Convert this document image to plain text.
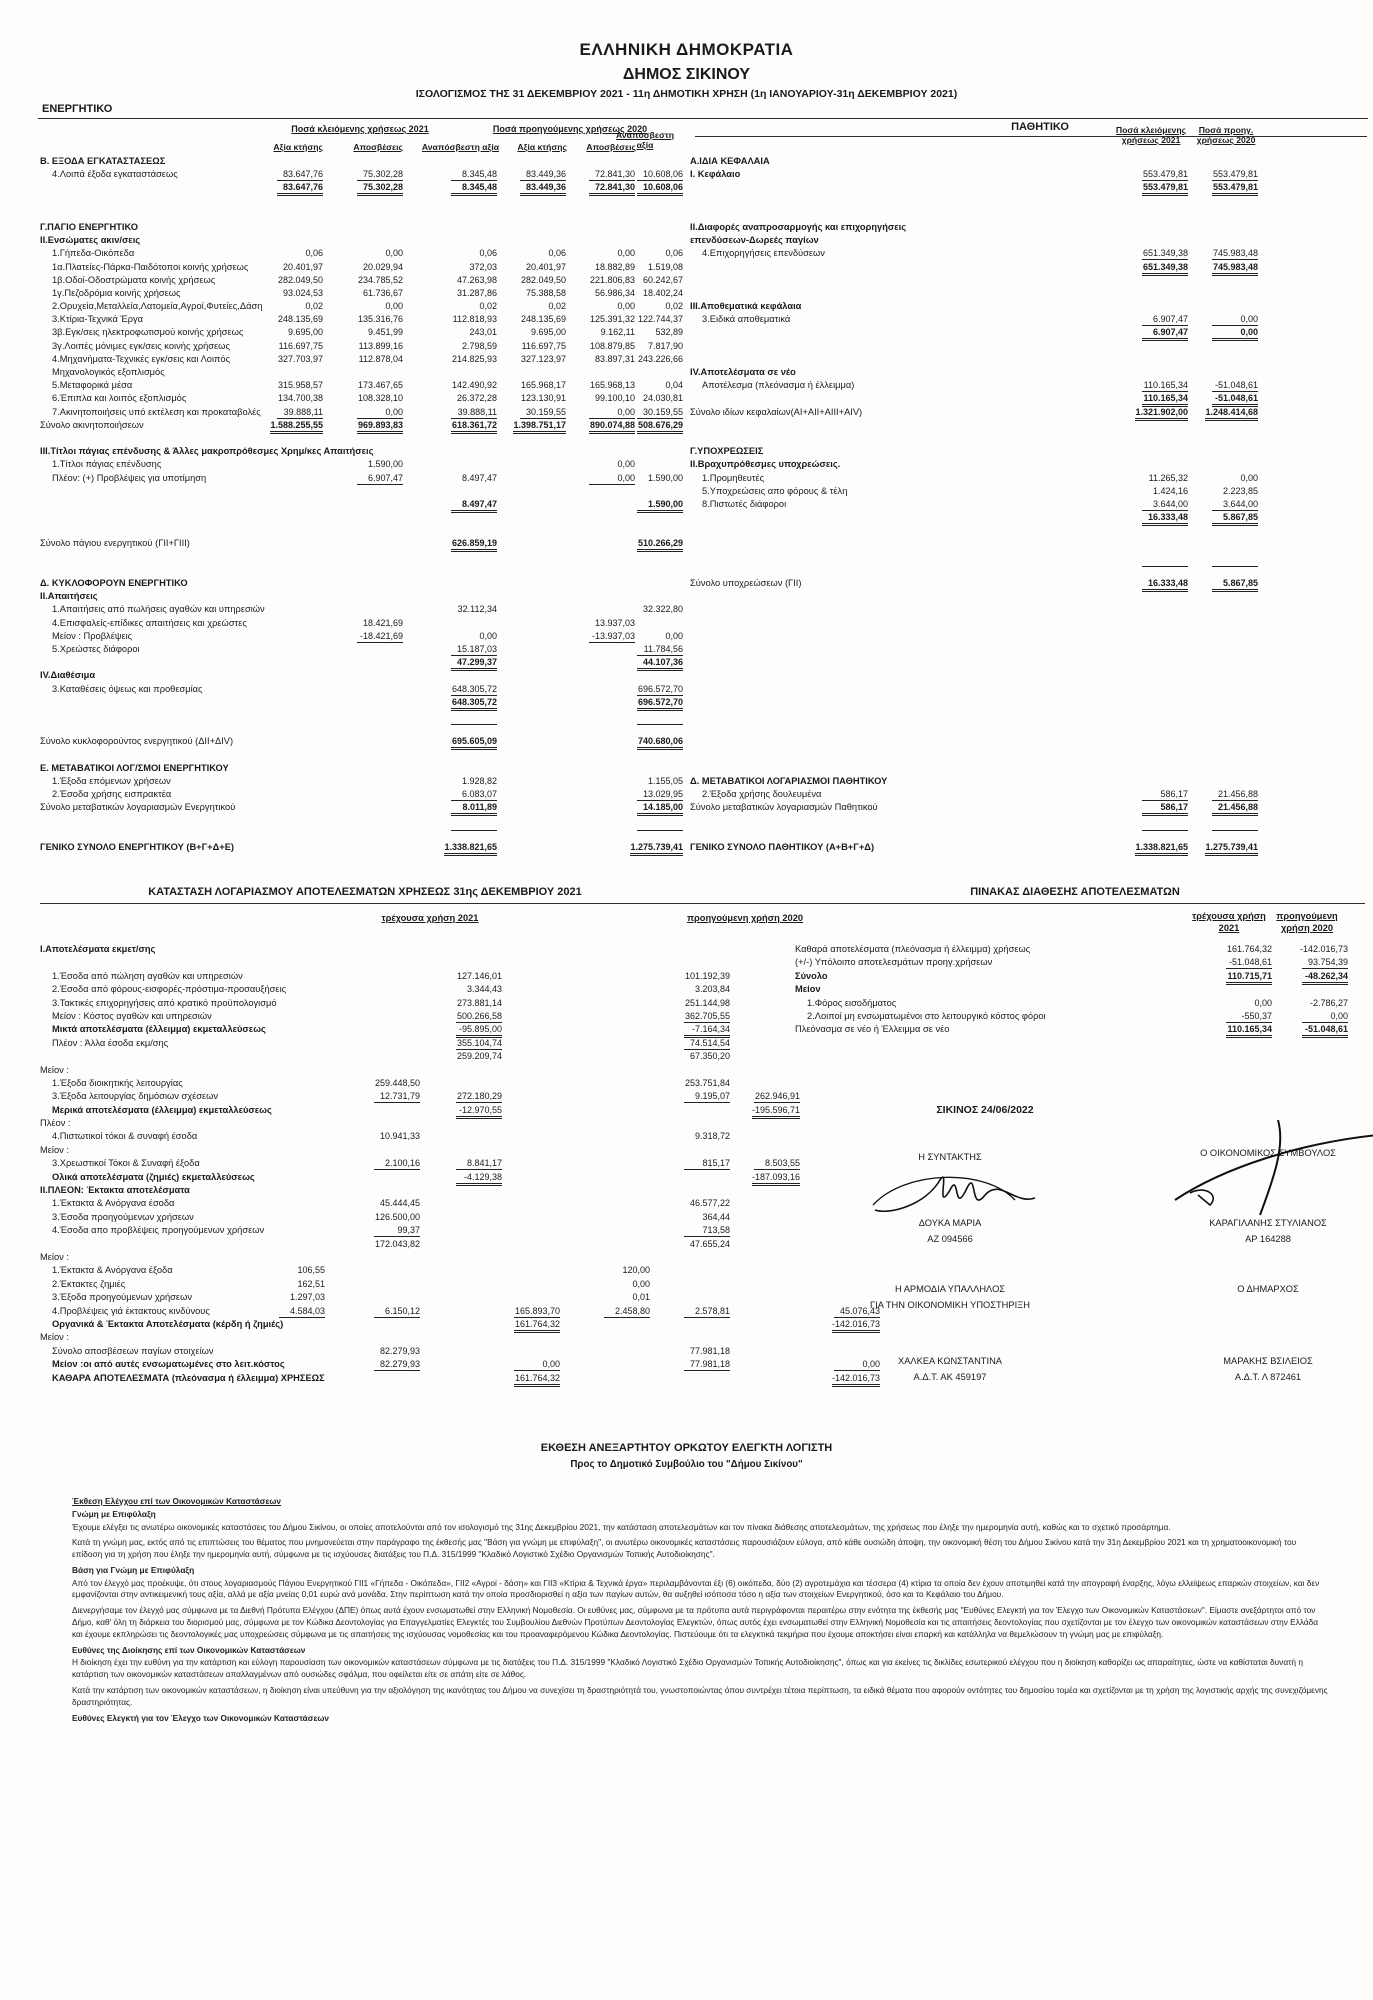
ΕΛΛΗΝΙΚΗ ΔΗΜΟΚΡΑΤΙΑ
ΔΗΜΟΣ ΣΙΚΙΝΟΥ
ΙΣΟΛΟΓΙΣΜΟΣ ΤΗΣ 31 ΔΕΚΕΜΒΡΙΟΥ 2021 - 11η ΔΗΜΟΤΙΚΗ ΧΡΗΣΗ (1η ΙΑΝΟΥΑΡΙΟΥ-31η ΔΕΚΕΜΒΡΙΟΥ 2021)
ΕΝΕΡΓΗΤΙΚΟ
ΠΑΘΗΤΙΚΟ
Ποσά κλειόμενης χρήσεως 2021	Ποσά προηγούμενης χρήσεως 2020
Αξία κτήσης	Αποσβέσεις	Αναπόσβεστη αξία	Αξία κτήσης	Αποσβέσεις
Αναπόσβεστη αξία
Ποσά κλειόμενης χρήσεως 2021
Ποσά προηγ. χρήσεως 2020
Β. ΕΞΟΔΑ ΕΓΚΑΤΑΣΤΑΣΕΩΣ
4.Λοιπά έξοδα εγκαταστάσεως	83.647,76	75.302,28	8.345,48	83.449,36	72.841,30 10.608,06
83.647,76	75.302,28	8.345,48	83.449,36	72.841,30 10.608,06
Γ.ΠΑΓΙΟ ΕΝΕΡΓΗΤΙΚΟ
ΙΙ.Ενσώματες ακιν/σεις
1.Γήπεδα-Οικόπεδα	0,06	0,00	0,06	0,06	0,00	0,06
1α.Πλατείες-Πάρκα-Παιδότοποι κοινής χρήσεως	20.401,97	20.029,94	372,03	20.401,97	18.882,89	1.519,08
1β.Οδοί-Οδοστρώματα κοινής χρήσεως	282.049,50	234.785,52	47.263,98	282.049,50	221.806,83 60.242,67
1γ.Πεζοδρόμια κοινής χρήσεως	93.024,53	61.736,67	31.287,86	75.388,58	56.986,34 18.402,24
2.Ορυχεία,Μεταλλεία,Λατομεία,Αγροί,Φυτείες,Δάση	0,02	0,00	0,02	0,02	0,00	0,02
3.Κτίρια-Τεχνικά Έργα	248.135,69	135.316,76	112.818,93	248.135,69	125.391,32 122.744,37
3β.Εγκ/σεις ηλεκτροφωτισμού κοινής χρήσεως	9.695,00	9.451,99	243,01	9.695,00	9.162,11	532,89
3γ.Λοιπές μόνιμες εγκ/σεις κοινής χρήσεως	116.697,75	113.899,16	2.798,59	116.697,75	108.879,85	7.817,90
4.Μηχανήματα-Τεχνικές εγκ/σεις και Λοιπός	327.703,97	112.878,04	214.825,93	327.123,97	83.897,31 243.226,66
Μηχανολογικός εξοπλισμός
5.Μεταφορικά μέσα	315.958,57	173.467,65	142.490,92	165.968,17	165.968,13	0,04
6.Έπιπλα και λοιπός εξοπλισμός	134.700,38	108.328,10	26.372,28	123.130,91	99.100,10 24.030,81
7.Ακινητοποιήσεις υπό εκτέλεση και προκαταβολές	39.888,11	0,00	39.888,11	30.159,55	0,00 30.159,55
Σύνολο ακινητοποιήσεων	1.588.255,55	969.893,83	618.361,72 1.398.751,17	890.074,88 508.676,29
ΙΙΙ.Τίτλοι πάγιας επένδυσης & Άλλες μακροπρόθεσμες Χρημ/κες Απαιτήσεις
1.Τίτλοι πάγιας επένδυσης	1.590,00	0,00
Πλέον: (+) Προβλέψεις για υποτίμηση	6.907,47	8.497,47	0,00	1.590,00
8.497,47	1.590,00
Σύνολο πάγιου ενεργητικού (ΓΙΙ+ΓΙΙΙ)	626.859,19	510.266,29
Δ. ΚΥΚΛΟΦΟΡΟΥΝ ΕΝΕΡΓΗΤΙΚΟ
ΙΙ.Απαιτήσεις
1.Απαιτήσεις από πωλήσεις αγαθών και υπηρεσιών	32.112,34	32.322,80
4.Επισφαλείς-επίδικες απαιτήσεις και χρεώστες	18.421,69	13.937,03
Μείον : Προβλέψεις	-18.421,69	0,00	-13.937,03	0,00
5.Χρεώστες διάφοροι	15.187,03	11.784,56
47.299,37	44.107,36
IV.Διαθέσιμα
3.Καταθέσεις όψεως και προθεσμίας	648.305,72	696.572,70
648.305,72	696.572,70
Σύνολο κυκλοφορούντος ενεργητικού (ΔΙΙ+ΔΙV)	695.605,09	740.680,06
Ε. ΜΕΤΑΒΑΤΙΚΟΙ ΛΟΓ/ΣΜΟΙ ΕΝΕΡΓΗΤΙΚΟΥ
1.Έξοδα επόμενων χρήσεων	1.928,82	1.155,05
2.Έσοδα χρήσης εισπρακτέα	6.083,07	13.029,95
Σύνολο μεταβατικών λογαριασμών Ενεργητικού	8.011,89	14.185,00
ΓΕΝΙΚΟ ΣΥΝΟΛΟ ΕΝΕΡΓΗΤΙΚΟΥ (Β+Γ+Δ+Ε)	1.338.821,65	1.275.739,41
Α.ΙΔΙΑ ΚΕΦΑΛΑΙΑ
Ι. Κεφάλαιο	553.479,81	553.479,81
553.479,81	553.479,81
ΙΙ.Διαφορές αναπροσαρμογής και επιχορηγήσεις
επενδύσεων-Δωρεές παγίων
4.Επιχορηγήσεις επενδύσεων	651.349,38	745.983,48
651.349,38	745.983,48
ΙΙΙ.Αποθεματικά κεφάλαια
3.Ειδικά αποθεματικά	6.907,47	0,00
6.907,47	0,00
IV.Αποτελέσματα σε νέο
Αποτέλεσμα (πλεόνασμα ή έλλειμμα)	110.165,34	-51.048,61
110.165,34	-51.048,61
Σύνολο ιδίων κεφαλαίων(ΑΙ+ΑΙΙ+ΑΙΙΙ+ΑΙV)	1.321.902,00 1.248.414,68
Γ.ΥΠΟΧΡΕΩΣΕΙΣ
ΙΙ.Βραχυπρόθεσμες υποχρεώσεις.
1.Προμηθευτές	11.265,32	0,00
5.Υποχρεώσεις απο φόρους & τέλη	1.424,16	2.223,85
8.Πιστωτές διάφοροι	3.644,00	3.644,00
16.333,48	5.867,85
Σύνολο υποχρεώσεων (ΓΙΙ)	16.333,48	5.867,85
Δ. ΜΕΤΑΒΑΤΙΚΟΙ ΛΟΓΑΡΙΑΣΜΟΙ ΠΑΘΗΤΙΚΟΥ
2.Έξοδα χρήσης δουλευμένα	586,17	21.456,88
Σύνολο μεταβατικών λογαριασμών Παθητικού	586,17	21.456,88
ΓΕΝΙΚΟ ΣΥΝΟΛΟ ΠΑΘΗΤΙΚΟΥ (Α+Β+Γ+Δ)	1.338.821,65 1.275.739,41
ΚΑΤΑΣΤΑΣΗ ΛΟΓΑΡΙΑΣΜΟΥ ΑΠΟΤΕΛΕΣΜΑΤΩΝ ΧΡΗΣΕΩΣ 31ης ΔΕΚΕΜΒΡΙΟΥ 2021	ΠΙΝΑΚΑΣ ΔΙΑΘΕΣΗΣ ΑΠΟΤΕΛΕΣΜΑΤΩΝ
τρέχουσα χρήση 2021	προηγούμενη χρήση 2020	τρέχουσα χρήση 2021
προηγούμενη χρήση 2020
Ι.Αποτελέσματα εκμετ/σης
1.Έσοδα από πώληση αγαθών και υπηρεσιών	127.146,01	101.192,39
2.Έσοδα από φόρους-εισφορές-πρόστιμα-προσαυξήσεις	3.344,43	3.203,84
3.Τακτικές επιχορηγήσεις από κρατικό προϋπολογισμό	273.881,14	251.144,98
Μείον : Κόστος αγαθών και υπηρεσιών	500.266,58	362.705,55
Μικτά αποτελέσματα (έλλειμμα) εκμεταλλεύσεως	-95.895,00	-7.164,34
Πλέον : Άλλα έσοδα εκμ/σης	355.104,74	74.514,54
259.209,74	67.350,20
Μείον :
1.Έξοδα διοικητικής λειτουργίας	259.448,50	253.751,84
3.Έξοδα λειτουργίας δημόσιων σχέσεων	12.731,79	272.180,29	9.195,07	262.946,91
Μερικά αποτελέσματα (έλλειμμα) εκμεταλλεύσεως	-12.970,55	-195.596,71
Πλέον :
4.Πιστωτικοί τόκοι & συναφή έσοδα	10.941,33	9.318,72
Μείον :
3.Χρεωστικοί Τόκοι & Συναφή έξοδα	2.100,16	8.841,17	815,17	8.503,55
Ολικά αποτελέσματα (ζημιές) εκμεταλλεύσεως	-4.129,38	-187.093,16
ΙΙ.ΠΛΕΟΝ: Έκτακτα αποτελέσματα
1.Έκτακτα & Ανόργανα έσοδα	45.444,45	46.577,22
3.Έσοδα προηγούμενων χρήσεων	126.500,00	364,44
4.Έσοδα απο προβλέψεις προηγούμενων χρήσεων	99,37	713,58
172.043,82	47.655,24
Μείον :
1.Έκτακτα & Ανόργανα έξοδα	106,55	120,00
2.Έκτακτες ζημιές	162,51	0,00
3.Έξοδα προηγούμενων χρήσεων	1.297,03	0,01
4.Προβλέψεις γιά έκτακτους κινδύνους	4.584,03	6.150,12	165.893,70	2.458,80	2.578,81	45.076,43
Οργανικά & Έκτακτα Αποτελέσματα (κέρδη ή ζημιές)	161.764,32	-142.016,73
Μείον :
Σύνολο αποσβέσεων παγίων στοιχείων	82.279,93	77.981,18
Μείον :οι από αυτές ενσωματωμένες στο λειτ.κόστος	82.279,93	0,00	77.981,18	0,00
ΚΑΘΑΡΑ ΑΠΟΤΕΛΕΣΜΑΤΑ (πλεόνασμα ή έλλειμμα) ΧΡΗΣΕΩΣ	161.764,32	-142.016,73
Καθαρά αποτελέσματα (πλεόνασμα ή έλλειμμα) χρήσεως	161.764,32	-142.016,73
(+/-) Υπόλοιπο αποτελεσμάτων προηγ.χρήσεων	-51.048,61	93.754,39
Σύνολο	110.715,71	-48.262,34
Μείον
1.Φόρος εισοδήματος	0,00	-2.786,27
2.Λοιποί μη ενσωματωμένοι στο λειτουργικό κόστος φόροι	-550,37	0,00
Πλεόνασμα σε νέο ή Έλλειμμα σε νέο	110.165,34	-51.048,61
ΣΙΚΙΝΟΣ 24/06/2022
Η ΣΥΝΤΑΚΤΗΣ	Ο ΟΙΚΟΝΟΜΙΚΟΣ ΣΥΜΒΟΥΛΟΣ
ΔΟΥΚΑ ΜΑΡΙΑ
ΑΖ 094566
ΚΑΡΑΓΙΛΑΝΗΣ ΣΤΥΛΙΑΝΟΣ
ΑΡ 164288
Η ΑΡΜΟΔΙΑ ΥΠΑΛΛΗΛΟΣ
ΓΙΑ ΤΗΝ ΟΙΚΟΝΟΜΙΚΗ ΥΠΟΣΤΗΡΙΞΗ
Ο ΔΗΜΑΡΧΟΣ
ΧΑΛΚΕΑ ΚΩΝΣΤΑΝΤΙΝΑ
Α.Δ.Τ. ΑΚ 459197
ΜΑΡΑΚΗΣ ΒΣΙΛΕΙΟΣ
Α.Δ.Τ. Λ 872461
ΕΚΘΕΣΗ ΑΝΕΞΑΡΤΗΤΟΥ ΟΡΚΩΤΟΥ ΕΛΕΓΚΤΗ ΛΟΓΙΣΤΗ
Προς το Δημοτικό Συμβούλιο του "Δήμου Σικίνου"
Έκθεση Ελέγχου επί των Οικονομικών Καταστάσεων
Γνώμη με Επιφύλαξη
Έχουμε ελέγξει τις ανωτέρω οικονομικές καταστάσεις του Δήμου Σικίνου, οι οποίες αποτελούνται από τον ισολογισμό της 31ης Δεκεμβρίου 2021, την κατάσταση αποτελεσμάτων και τον πίνακα διάθεσης αποτελεσμάτων, της χρήσεως που έληξε την ημερομηνία αυτή, καθώς και το σχετικό προσάρτημα.
Κατά τη γνώμη μας, εκτός από τις επιπτώσεις του θέματος που μνημονεύεται στην παράγραφο της έκθεσής μας "Βάση για γνώμη με επιφύλαξη", οι ανωτέρω οικονομικές καταστάσεις παρουσιάζουν εύλογα, από κάθε ουσιώδη άποψη, την οικονομική θέση του Δήμου Σικίνου κατά την 31η Δεκεμβρίου 2021 και τη χρηματοοικονομική του επίδοση για τη χρήση που έληξε την ημερομηνία αυτή, σύμφωνα με τις ισχύουσες διατάξεις του Π.Δ. 315/1999 "Κλαδικό Λογιστικό Σχέδιο Οργανισμών Τοπικής Αυτοδιοίκησης".
Βάση για Γνώμη με Επιφύλαξη
Από τον έλεγχό μας προέκυψε, ότι στους λογαριασμούς Πάγιου Ενεργητικού ΓΙΙ1 «Γήπεδα - Οικόπεδα», ΓΙΙ2 «Αγροί - δάση» και ΓΙΙ3 «Κτίρια & Τεχνικά έργα» περιλαμβάνονται έξι (6) οικόπεδα, δύο (2) αγροτεμάχια και τέσσερα (4) κτίρια τα οποία δεν έχουν αποτιμηθεί κατά την απογραφή έναρξης, λόγω ελλείψεως επαρκών στοιχείων, και δεν εμφανίζονται στην αντικειμενική τους αξία, αλλά με αξία μνείας 0,01 ευρώ ανά μονάδα. Στην περίπτωση κατά την οποία προσδιορισθεί η αξία των παγίων αυτών, θα αυξηθεί ισόποσα τόσο η αξία των στοιχείων Ενεργητικού, όσο και το Κεφάλαιο του Δήμου.
Διενεργήσαμε τον έλεγχό μας σύμφωνα με τα Διεθνή Πρότυπα Ελέγχου (ΔΠΕ) όπως αυτά έχουν ενσωματωθεί στην Ελληνική Νομοθεσία. Οι ευθύνες μας, σύμφωνα με τα πρότυπα αυτά περιγράφονται περαιτέρω στην ενότητα της έκθεσής μας "Ευθύνες Ελεγκτή για τον Έλεγχο των Οικονομικών Καταστάσεων". Είμαστε ανεξάρτητοι από τον Δήμο, καθ' όλη τη διάρκεια του διορισμού μας, σύμφωνα με τον Κώδικα Δεοντολογίας για Επαγγελματίες Ελεγκτές του Συμβουλίου Διεθνών Προτύπων Δεοντολογίας Ελεγκτών, όπως αυτός έχει ενσωματωθεί στην Ελληνική Νομοθεσία και τις απαιτήσεις δεοντολογίας που σχετίζονται με τον έλεγχο των οικονομικών καταστάσεων στην Ελλάδα και έχουμε εκπληρώσει τις δεοντολογικές μας υποχρεώσεις σύμφωνα με τις απαιτήσεις της ισχύουσας νομοθεσίας και του προαναφερόμενου Κώδικα Δεοντολογίας. Πιστεύουμε ότι τα ελεγκτικά τεκμήρια που έχουμε αποκτήσει είναι επαρκή και κατάλληλα να θεμελιώσουν τη γνώμη μας με επιφύλαξη.
Ευθύνες της Διοίκησης επί των Οικονομικών Καταστάσεων
Η διοίκηση έχει την ευθύνη για την κατάρτιση και εύλογη παρουσίαση των οικονομικών καταστάσεων σύμφωνα με τις διατάξεις του Π.Δ. 315/1999 "Κλαδικό Λογιστικό Σχέδιο Οργανισμών Τοπικής Αυτοδιοίκησης", όπως και για εκείνες τις δικλίδες εσωτερικού ελέγχου που η διοίκηση καθορίζει ως απαραίτητες, ώστε να καθίσταται δυνατή η κατάρτιση των οικονομικών καταστάσεων απαλλαγμένων από ουσιώδες σφάλμα, που οφείλεται είτε σε απάτη είτε σε λάθος.
Κατά την κατάρτιση των οικονομικών καταστάσεων, η διοίκηση είναι υπεύθυνη για την αξιολόγηση της ικανότητας του Δήμου να συνεχίσει τη δραστηριότητά του, γνωστοποιώντας όπου συντρέχει τέτοια περίπτωση, τα ειδικά θέματα που αφορούν οντότητες του δημοσίου τομέα και σχετίζονται με τη χρήση της λογιστικής αρχής της συνεχιζόμενης δραστηριότητας.
Ευθύνες Ελεγκτή για τον Έλεγχο των Οικονομικών Καταστάσεων
